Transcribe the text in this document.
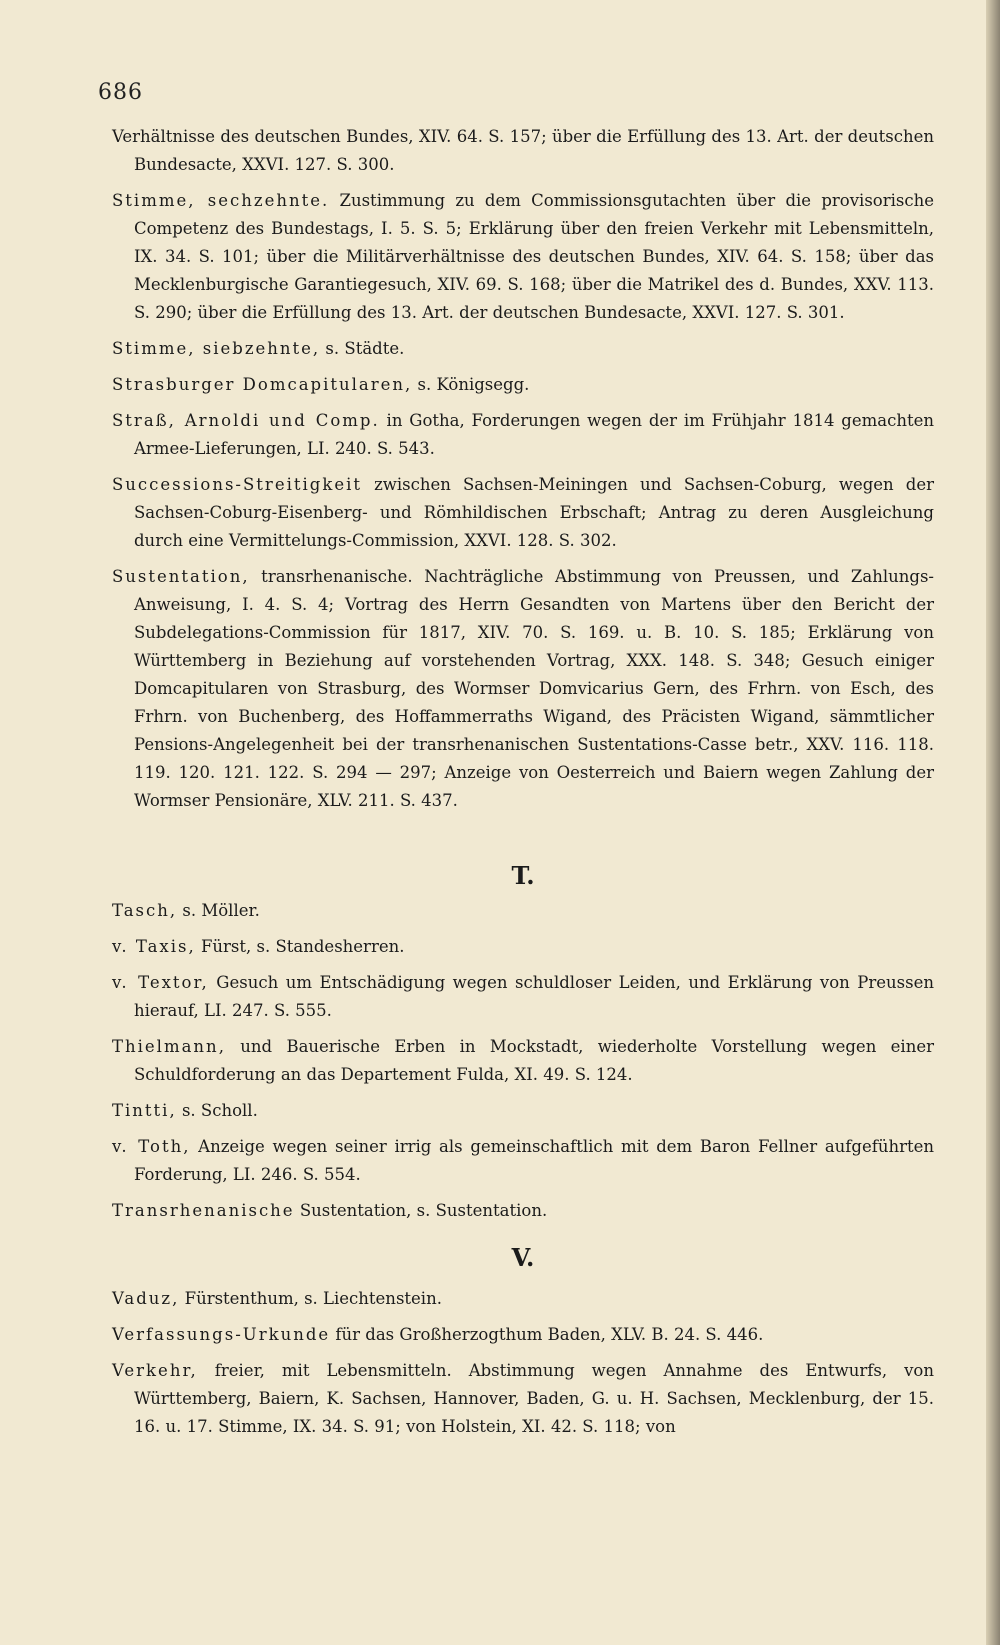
686

Verhältnisse des deutschen Bundes, XIV. 64. S. 157; über die Erfüllung des 13. Art. der deutschen Bundesacte, XXVI. 127. S. 300.

Stimme, sechzehnte. Zustimmung zu dem Commissionsgutachten über die provisorische Competenz des Bundestags, I. 5. S. 5; Erklärung über den freien Verkehr mit Lebensmitteln, IX. 34. S. 101; über die Militärverhältnisse des deutschen Bundes, XIV. 64. S. 158; über das Mecklenburgische Garantiegesuch, XIV. 69. S. 168; über die Matrikel des d. Bundes, XXV. 113. S. 290; über die Erfüllung des 13. Art. der deutschen Bundesacte, XXVI. 127. S. 301.

Stimme, siebzehnte, s. Städte.

Strasburger Domcapitularen, s. Königsegg.

Straß, Arnoldi und Comp. in Gotha, Forderungen wegen der im Frühjahr 1814 gemachten Armee-Lieferungen, LI. 240. S. 543.

Successions-Streitigkeit zwischen Sachsen-Meiningen und Sachsen-Coburg, wegen der Sachsen-Coburg-Eisenberg- und Römhildischen Erbschaft; Antrag zu deren Ausgleichung durch eine Vermittelungs-Commission, XXVI. 128. S. 302.

Sustentation, transrhenanische. Nachträgliche Abstimmung von Preussen, und Zahlungs-Anweisung, I. 4. S. 4; Vortrag des Herrn Gesandten von Martens über den Bericht der Subdelegations-Commission für 1817, XIV. 70. S. 169. u. B. 10. S. 185; Erklärung von Württemberg in Beziehung auf vorstehenden Vortrag, XXX. 148. S. 348; Gesuch einiger Domcapitularen von Strasburg, des Wormser Domvicarius Gern, des Frhrn. von Esch, des Frhrn. von Buchenberg, des Hoffammerraths Wigand, des Präcisten Wigand, sämmtlicher Pensions-Angelegenheit bei der transrhenanischen Sustentations-Casse betr., XXV. 116. 118. 119. 120. 121. 122. S. 294 — 297; Anzeige von Oesterreich und Baiern wegen Zahlung der Wormser Pensionäre, XLV. 211. S. 437.

T.

Tasch, s. Möller.

v. Taxis, Fürst, s. Standesherren.

v. Textor, Gesuch um Entschädigung wegen schuldloser Leiden, und Erklärung von Preussen hierauf, LI. 247. S. 555.

Thielmann, und Bauerische Erben in Mockstadt, wiederholte Vorstellung wegen einer Schuldforderung an das Departement Fulda, XI. 49. S. 124.

Tintti, s. Scholl.

v. Toth, Anzeige wegen seiner irrig als gemeinschaftlich mit dem Baron Fellner aufgeführten Forderung, LI. 246. S. 554.

Transrhenanische Sustentation, s. Sustentation.

V.

Vaduz, Fürstenthum, s. Liechtenstein.

Verfassungs-Urkunde für das Großherzogthum Baden, XLV. B. 24. S. 446.

Verkehr, freier, mit Lebensmitteln. Abstimmung wegen Annahme des Entwurfs, von Württemberg, Baiern, K. Sachsen, Hannover, Baden, G. u. H. Sachsen, Mecklenburg, der 15. 16. u. 17. Stimme, IX. 34. S. 91; von Holstein, XI. 42. S. 118; von
